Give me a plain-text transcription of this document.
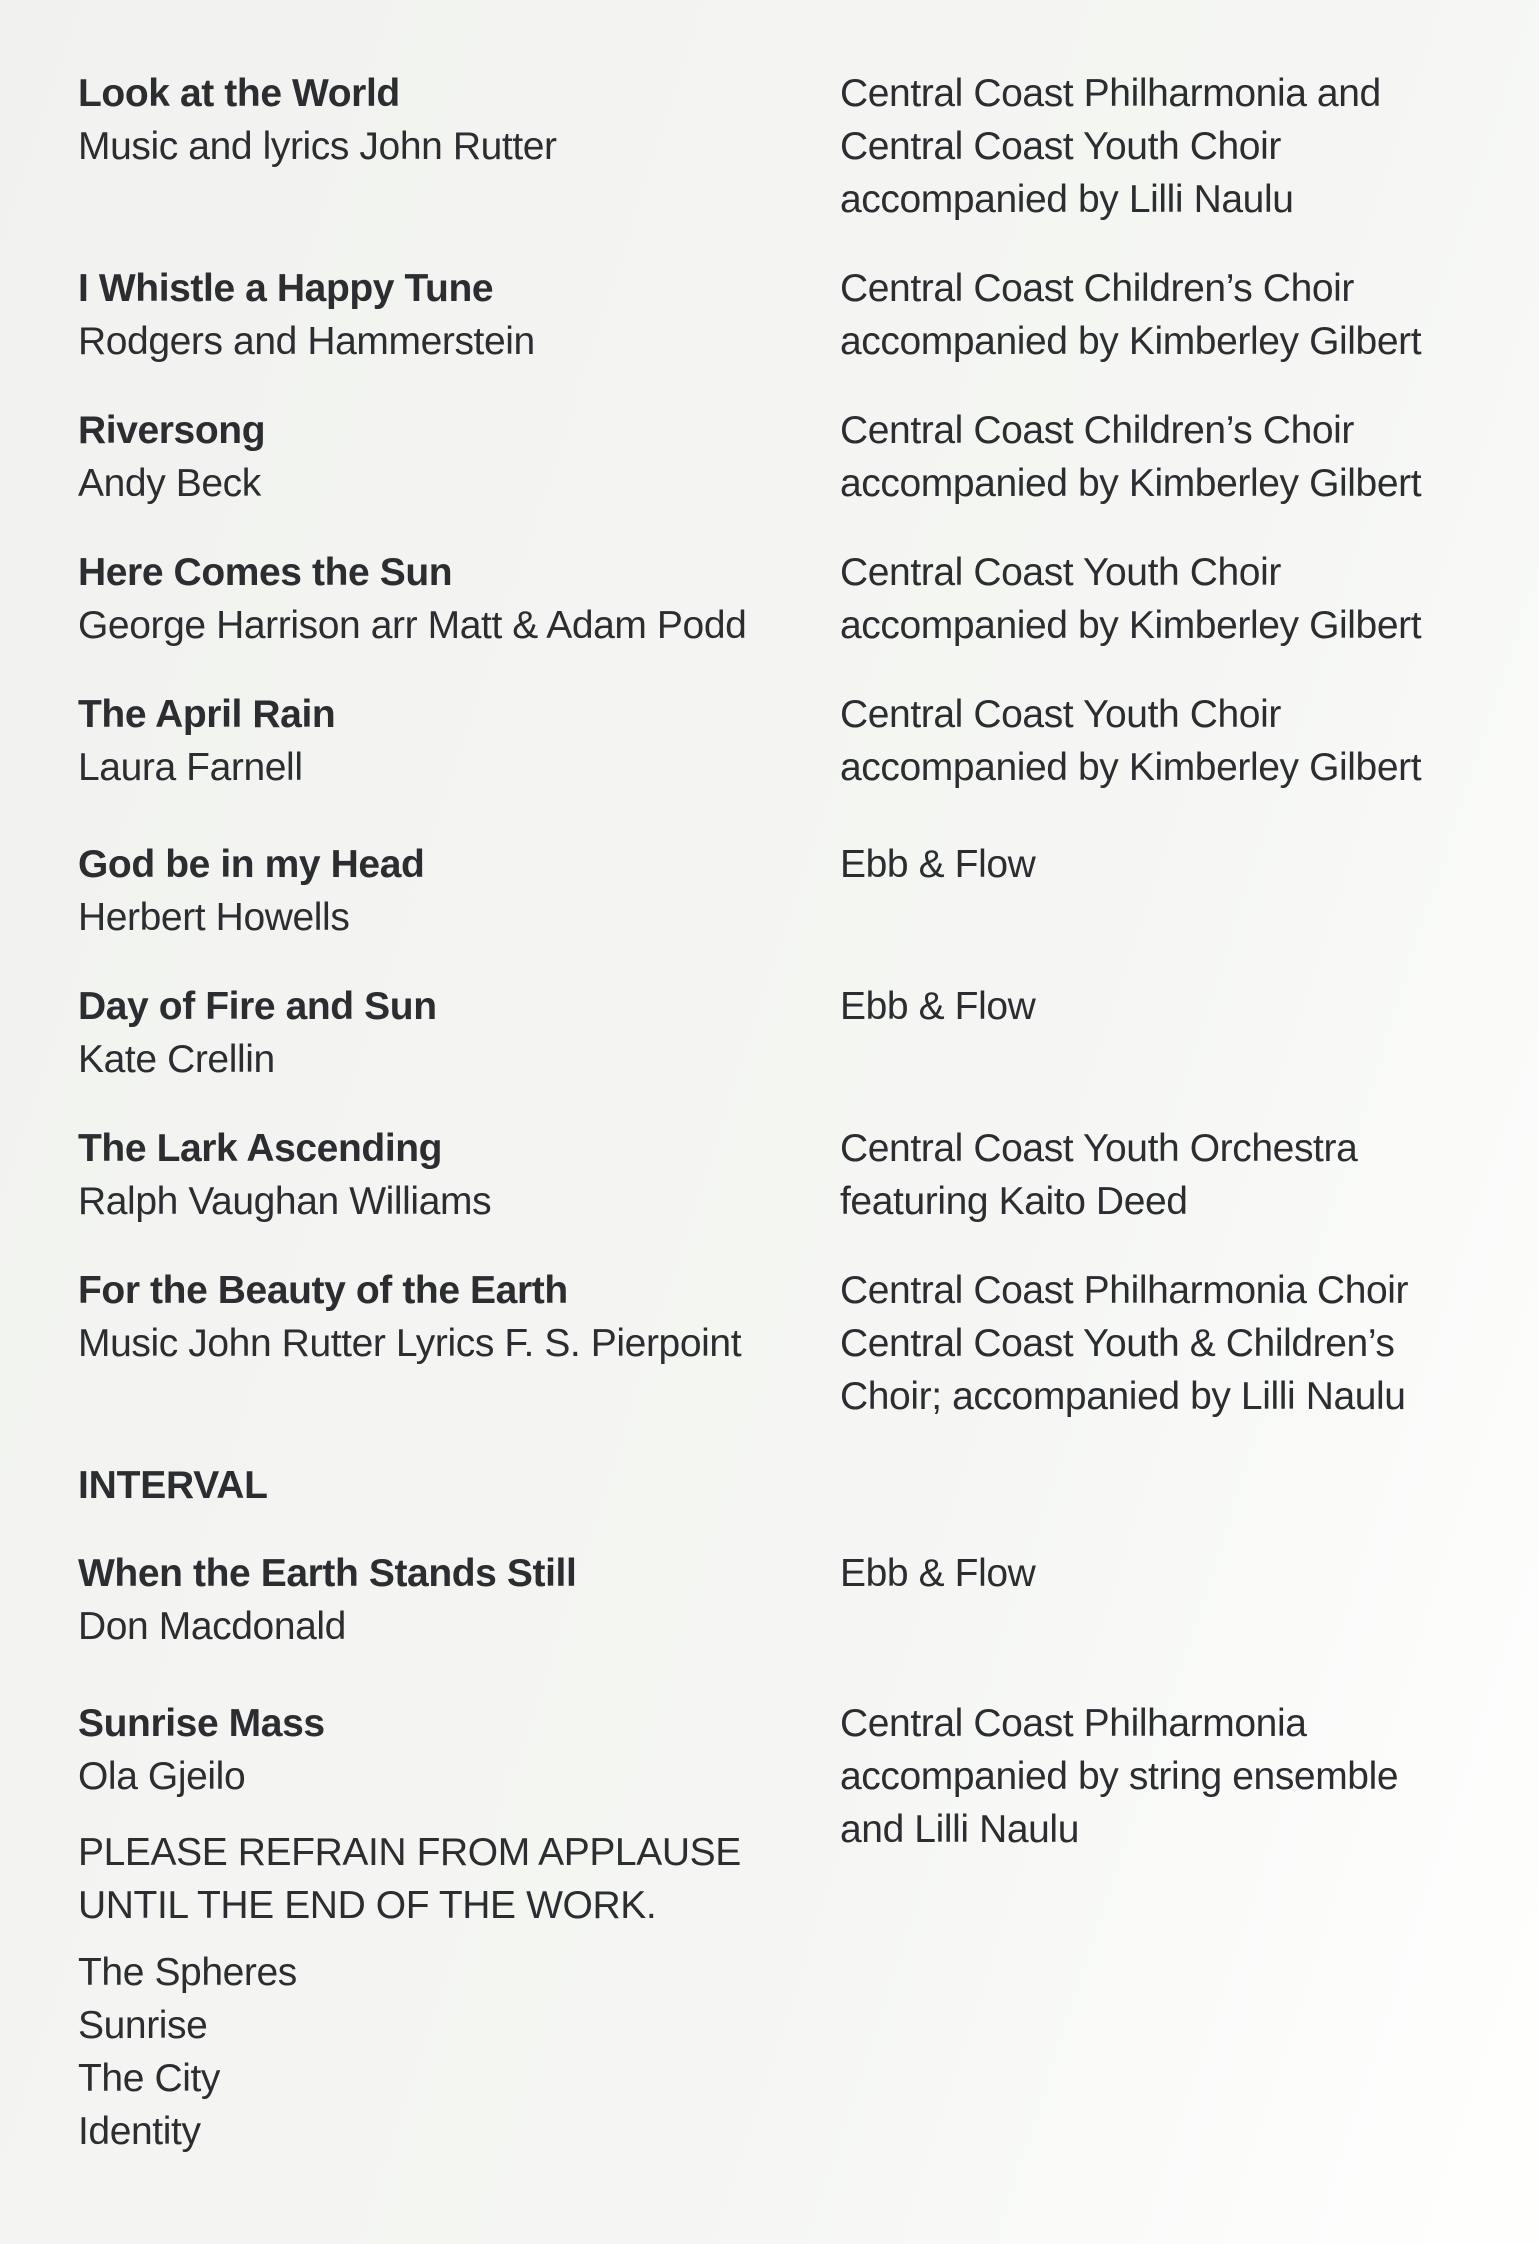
Look at the World
Music and lyrics John Rutter
Central Coast Philharmonia and
Central Coast Youth Choir
accompanied by Lilli Naulu
I Whistle a Happy Tune
Rodgers and Hammerstein
Central Coast Children’s Choir
accompanied by Kimberley Gilbert
Riversong
Andy Beck
Central Coast Children’s Choir
accompanied by Kimberley Gilbert
Here Comes the Sun
George Harrison arr Matt & Adam Podd
Central Coast Youth Choir
accompanied by Kimberley Gilbert
The April Rain
Laura Farnell
Central Coast Youth Choir
accompanied by Kimberley Gilbert
God be in my Head
Herbert Howells
Ebb & Flow
Day of Fire and Sun
Kate Crellin
Ebb & Flow
The Lark Ascending
Ralph Vaughan Williams
Central Coast Youth Orchestra
featuring Kaito Deed
For the Beauty of the Earth
Music John Rutter Lyrics F. S. Pierpoint
Central Coast Philharmonia Choir
Central Coast Youth & Children’s
Choir; accompanied by Lilli Naulu
INTERVAL
When the Earth Stands Still
Don Macdonald
Ebb & Flow
Sunrise Mass
Ola Gjeilo
PLEASE REFRAIN FROM APPLAUSE
UNTIL THE END OF THE WORK.
Central Coast Philharmonia
accompanied by string ensemble
and Lilli Naulu
The Spheres
Sunrise
The City
Identity
